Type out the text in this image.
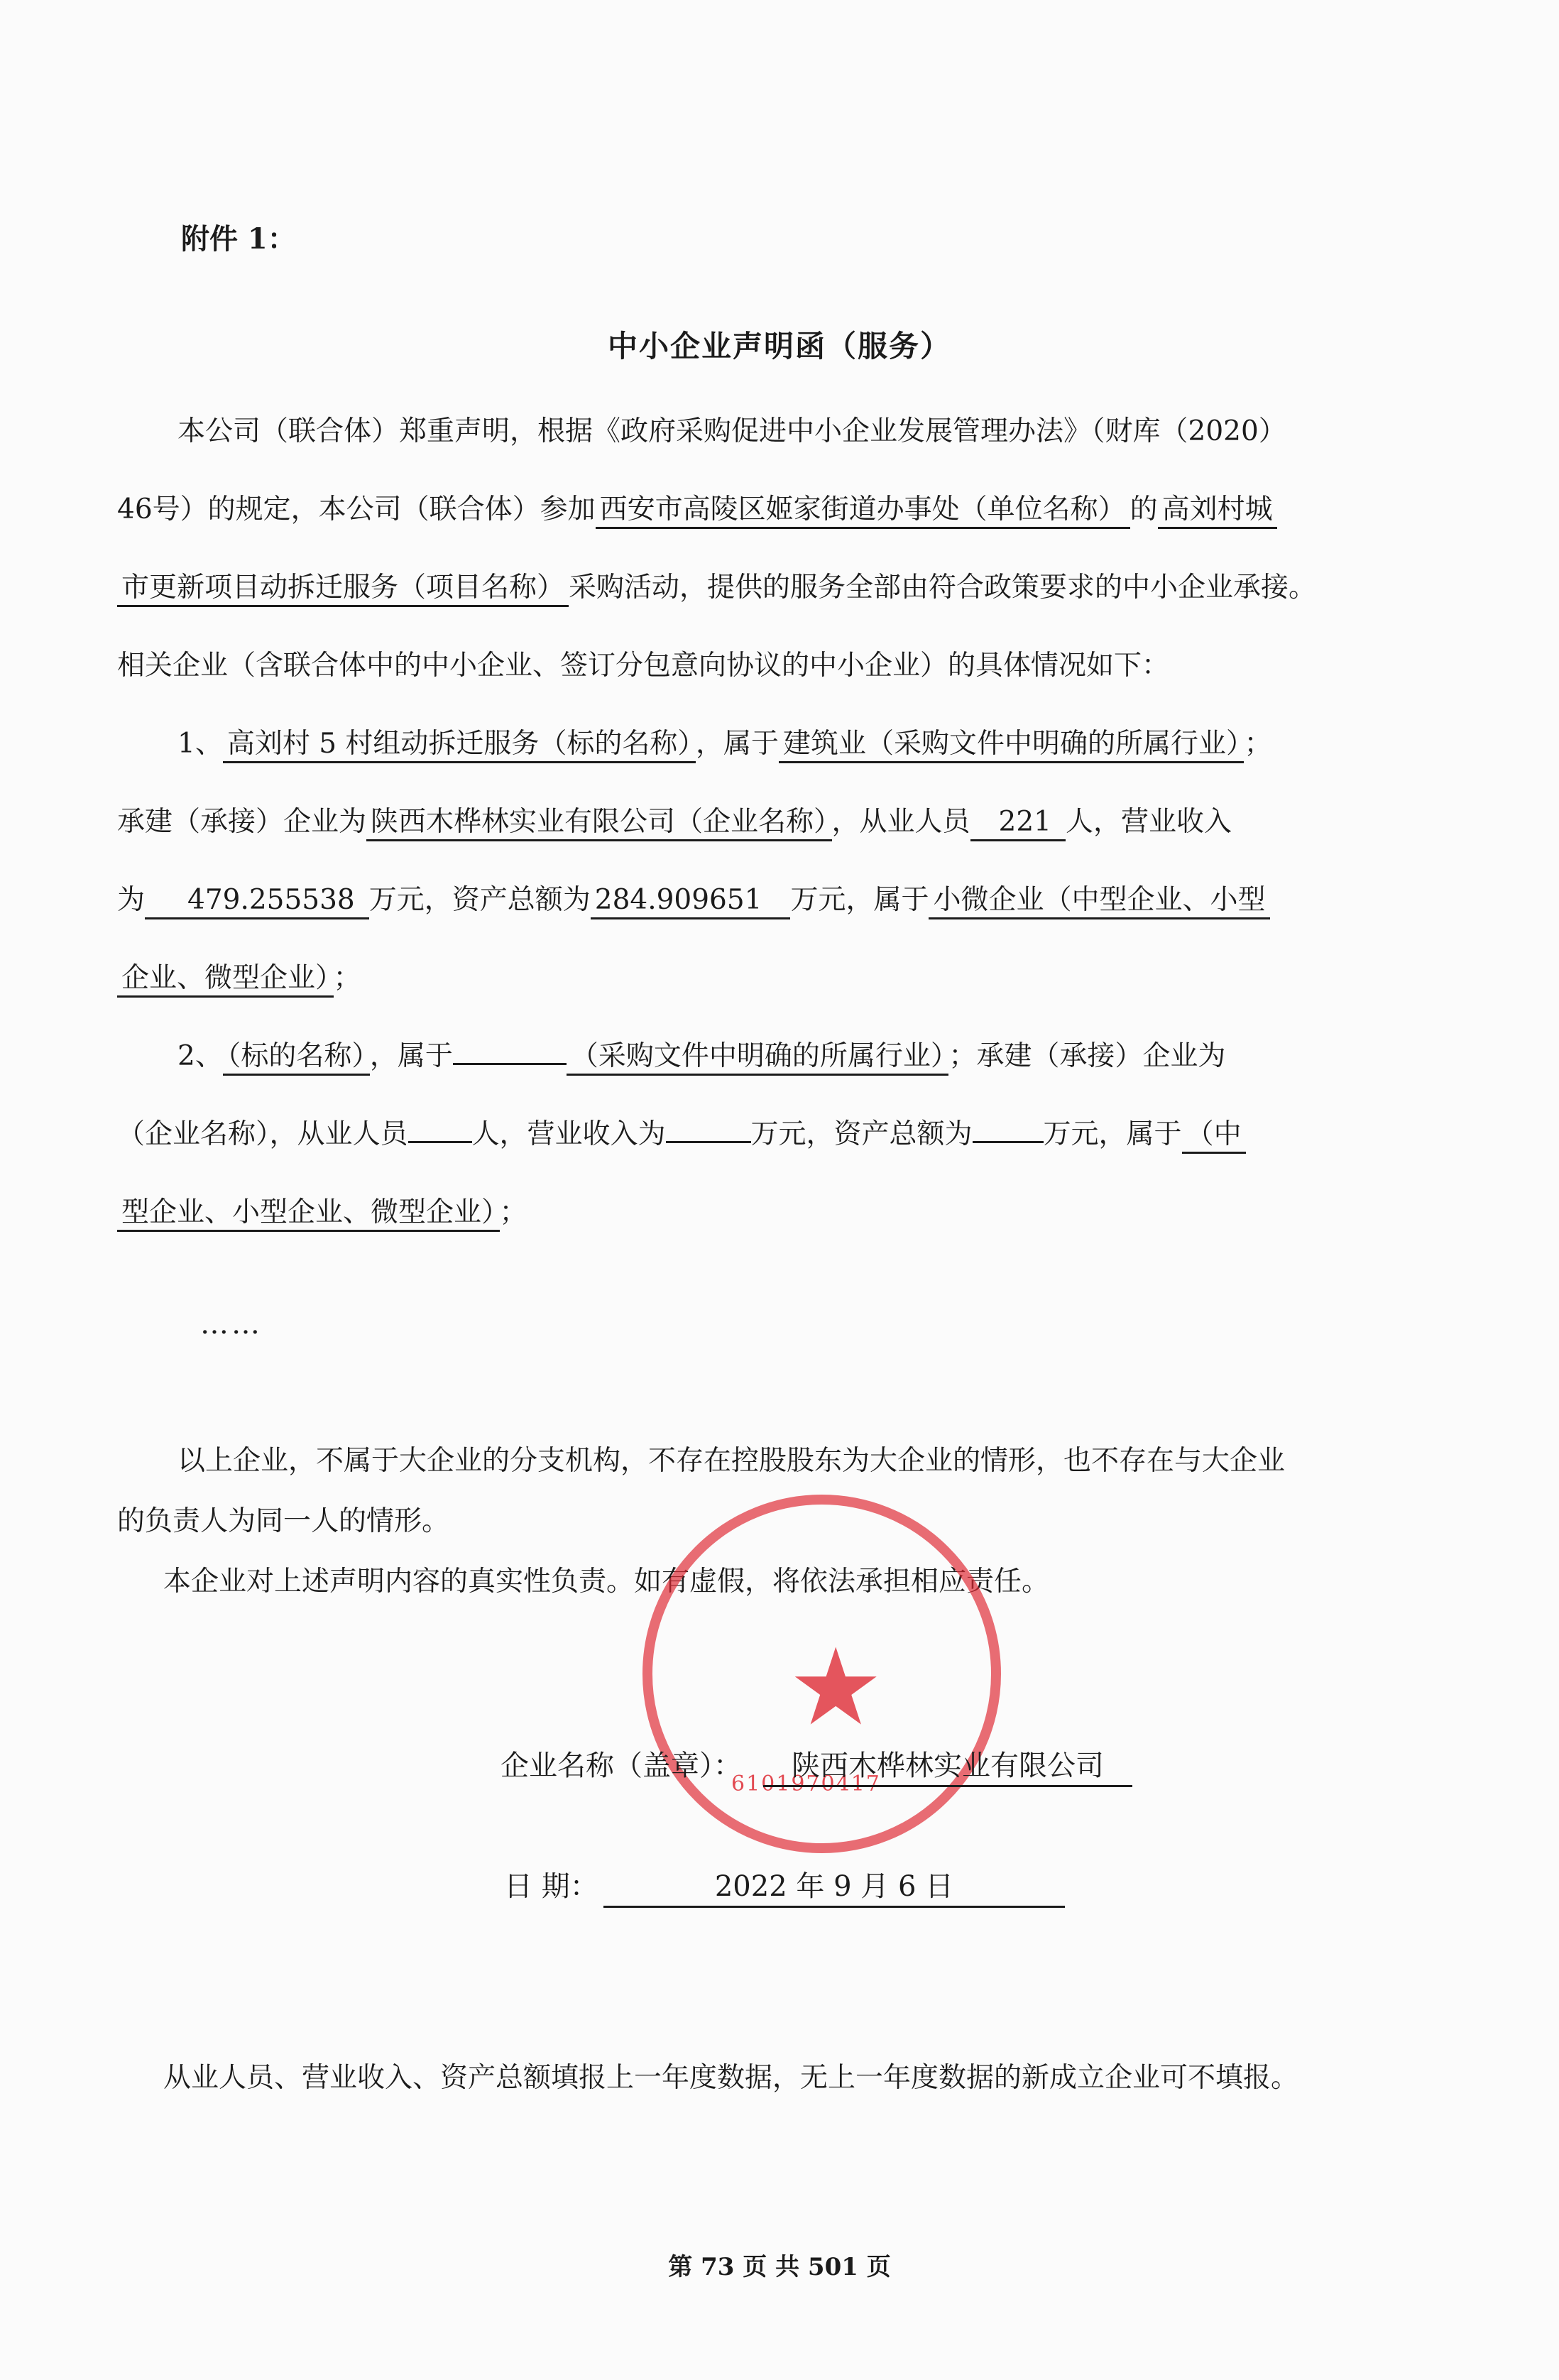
附件 1：
中小企业声明函（服务）
本公司（联合体）郑重声明，根据《政府采购促进中小企业发展管理办法》（财库（2020）
46号）的规定，本公司（联合体）参加 西安市高陵区姬家街道办事处（单位名称） 的 高刘村城
市更新项目动拆迁服务（项目名称） 采购活动，提供的服务全部由符合政策要求的中小企业承接。
相关企业（含联合体中的中小企业、签订分包意向协议的中小企业）的具体情况如下：
1、 高刘村 5 村组动拆迁服务（标的名称） ，属于 建筑业（采购文件中明确的所属行业） ；
承建（承接）企业为 陕西木桦林实业有限公司（企业名称） ，从业人员 221 人，营业收入
为 479.255538 万元，资产总额为 284.909651 万元，属于 小微企业（中型企业、小型
企业、微型企业） ；
2、 （标的名称） ，属于	（采购文件中明确的所属行业） ；承建（承接）企业为
（企业名称），从业人员 人，营业收入为	万元，资产总额为	万元，属于 （中
型企业、小型企业、微型企业） ；
……
以上企业，不属于大企业的分支机构，不存在控股股东为大企业的情形，也不存在与大企业
的负责人为同一人的情形。
本企业对上述声明内容的真实性负责。如有虚假，将依法承担相应责任。
★
6101970417
企业名称（盖章）：	陕西木桦林实业有限公司
日 期：	2022 年 9 月 6 日
从业人员、营业收入、资产总额填报上一年度数据，无上一年度数据的新成立企业可不填报。
第 73 页 共 501 页
